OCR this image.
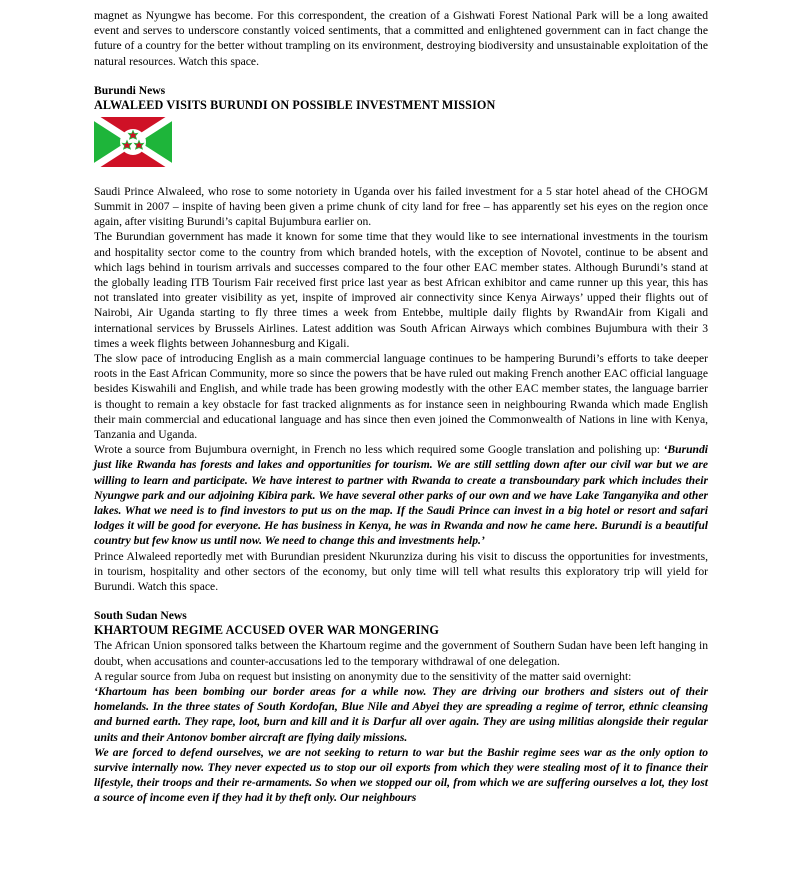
magnet as Nyungwe has become. For this correspondent, the creation of a Gishwati Forest National Park will be a long awaited event and serves to underscore constantly voiced sentiments, that a committed and enlightened government can in fact change the future of a country for the better without trampling on its environment, destroying biodiversity and unsustainable exploitation of the natural resources. Watch this space.

Burundi News
ALWALEED VISITS BURUNDI ON POSSIBLE INVESTMENT MISSION

Saudi Prince Alwaleed, who rose to some notoriety in Uganda over his failed investment for a 5 star hotel ahead of the CHOGM Summit in 2007 – inspite of having been given a prime chunk of city land for free – has apparently set his eyes on the region once again, after visiting Burundi’s capital Bujumbura earlier on.

The Burundian government has made it known for some time that they would like to see international investments in the tourism and hospitality sector come to the country from which branded hotels, with the exception of Novotel, continue to be absent and which lags behind in tourism arrivals and successes compared to the four other EAC member states. Although Burundi’s stand at the globally leading ITB Tourism Fair received first price last year as best African exhibitor and came runner up this year, this has not translated into greater visibility as yet, inspite of improved air connectivity since Kenya Airways’ upped their flights out of Nairobi, Air Uganda starting to fly three times a week from Entebbe, multiple daily flights by RwandAir from Kigali and international services by Brussels Airlines. Latest addition was South African Airways which combines Bujumbura with their 3 times a week flights between Johannesburg and Kigali.

The slow pace of introducing English as a main commercial language continues to be hampering Burundi’s efforts to take deeper roots in the East African Community, more so since the powers that be have ruled out making French another EAC official language besides Kiswahili and English, and while trade has been growing modestly with the other EAC member states, the language barrier is thought to remain a key obstacle for fast tracked alignments as for instance seen in neighbouring Rwanda which made English their main commercial and educational language and has since then even joined the Commonwealth of Nations in line with Kenya, Tanzania and Uganda.

Wrote a source from Bujumbura overnight, in French no less which required some Google translation and polishing up: ‘Burundi just like Rwanda has forests and lakes and opportunities for tourism. We are still settling down after our civil war but we are willing to learn and participate. We have interest to partner with Rwanda to create a transboundary park which includes their Nyungwe park and our adjoining Kibira park. We have several other parks of our own and we have Lake Tanganyika and other lakes. What we need is to find investors to put us on the map. If the Saudi Prince can invest in a big hotel or resort and safari lodges it will be good for everyone. He has business in Kenya, he was in Rwanda and now he came here. Burundi is a beautiful country but few know us until now. We need to change this and investments help.’

Prince Alwaleed reportedly met with Burundian president Nkurunziza during his visit to discuss the opportunities for investments, in tourism, hospitality and other sectors of the economy, but only time will tell what results this exploratory trip will yield for Burundi. Watch this space.

South Sudan News
KHARTOUM REGIME ACCUSED OVER WAR MONGERING

The African Union sponsored talks between the Khartoum regime and the government of Southern Sudan have been left hanging in doubt, when accusations and counter-accusations led to the temporary withdrawal of one delegation.

A regular source from Juba on request but insisting on anonymity due to the sensitivity of the matter said overnight:

‘Khartoum has been bombing our border areas for a while now. They are driving our brothers and sisters out of their homelands. In the three states of South Kordofan, Blue Nile and Abyei they are spreading a regime of terror, ethnic cleansing and burned earth. They rape, loot, burn and kill and it is Darfur all over again. They are using militias alongside their regular units and their Antonov bomber aircraft are flying daily missions.

We are forced to defend ourselves, we are not seeking to return to war but the Bashir regime sees war as the only option to survive internally now. They never expected us to stop our oil exports from which they were stealing most of it to finance their lifestyle, their troops and their re-armaments. So when we stopped our oil, from which we are suffering ourselves a lot, they lost a source of income even if they had it by theft only. Our neighbours
